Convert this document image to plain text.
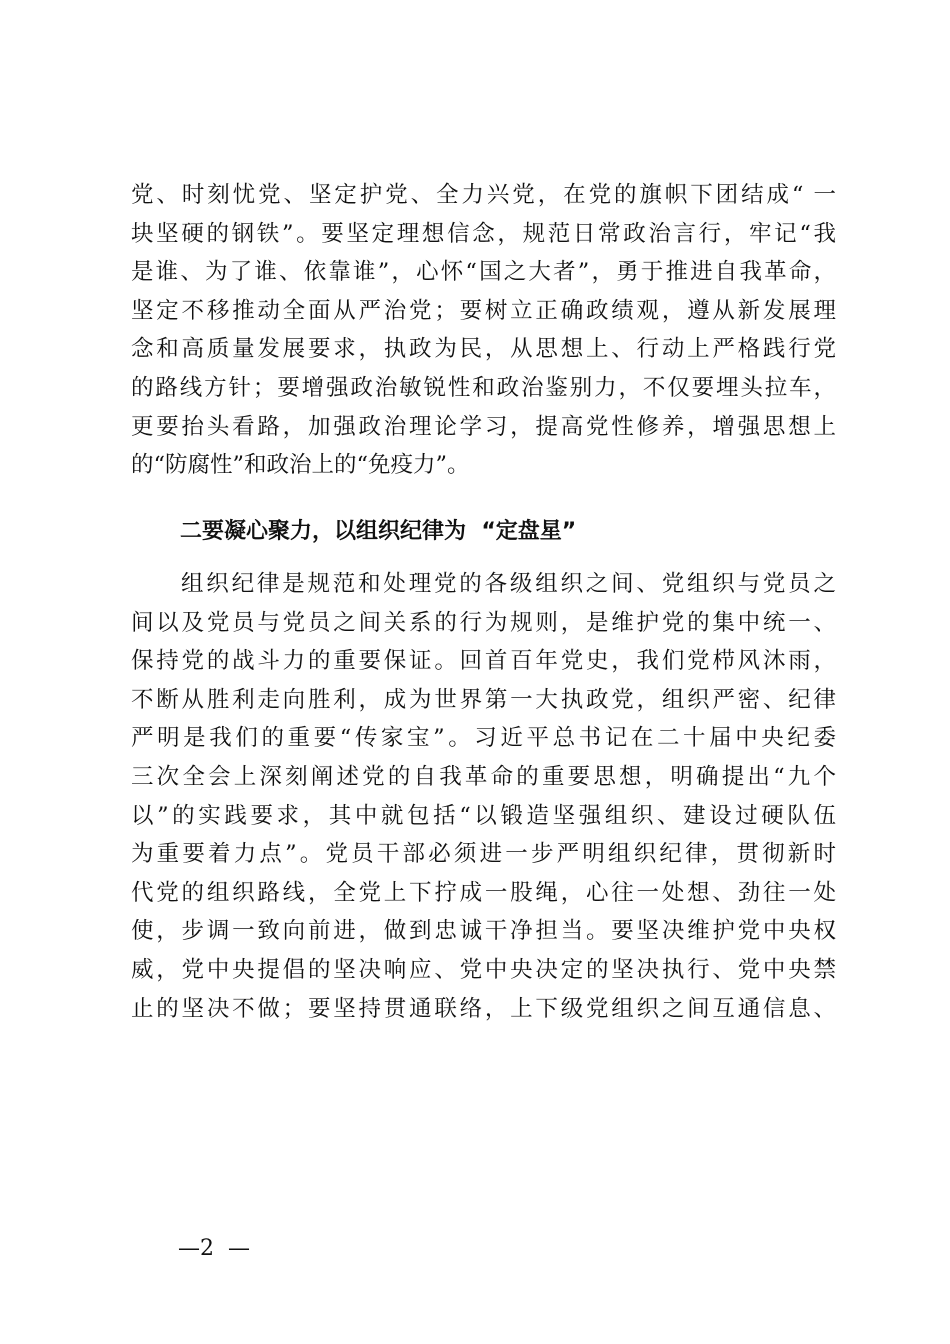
党、时刻忧党、坚定护党、全力兴党，在党的旗帜下团结成“ 一
块坚硬的钢铁”。要坚定理想信念，规范日常政治言行，牢记“我
是谁、为了谁、依靠谁”，心怀“国之大者”，勇于推进自我革命，
坚定不移推动全面从严治党；要树立正确政绩观，遵从新发展理
念和高质量发展要求，执政为民，从思想上、行动上严格践行党
的路线方针；要增强政治敏锐性和政治鉴别力，不仅要埋头拉车，
更要抬头看路，加强政治理论学习，提高党性修养，增强思想上
的“防腐性”和政治上的“免疫力”。
二要凝心聚力，以组织纪律为  “定盘星”
组织纪律是规范和处理党的各级组织之间、党组织与党员之
间以及党员与党员之间关系的行为规则，是维护党的集中统一、
保持党的战斗力的重要保证。回首百年党史，我们党栉风沐雨，
不断从胜利走向胜利，成为世界第一大执政党，组织严密、纪律
严明是我们的重要“传家宝”。习近平总书记在二十届中央纪委
三次全会上深刻阐述党的自我革命的重要思想，明确提出“九个
以”的实践要求，其中就包括“以锻造坚强组织、建设过硬队伍
为重要着力点”。党员干部必须进一步严明组织纪律，贯彻新时
代党的组织路线，全党上下拧成一股绳，心往一处想、劲往一处
使，步调一致向前进，做到忠诚干净担当。要坚决维护党中央权
威，党中央提倡的坚决响应、党中央决定的坚决执行、党中央禁
止的坚决不做；要坚持贯通联络，上下级党组织之间互通信息、
—2  —
